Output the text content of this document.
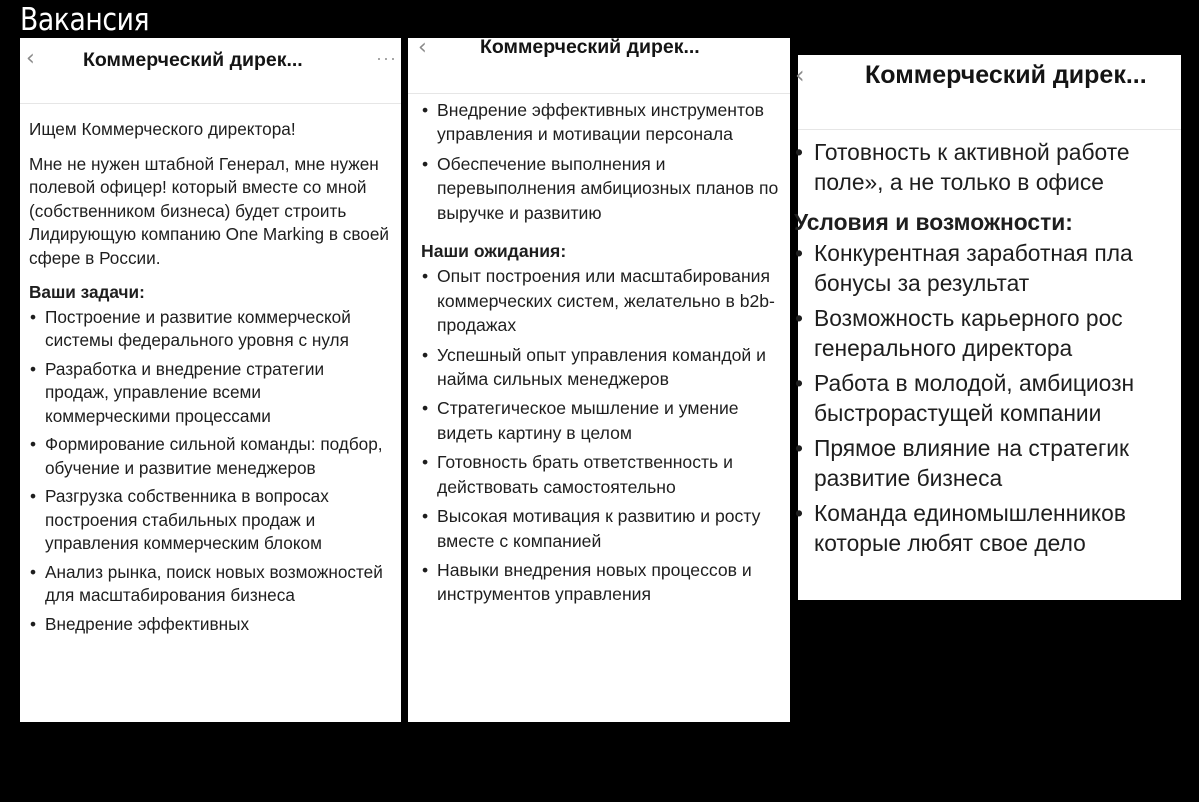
Вакансия
‹ Коммерческий дирек...	···

Ищем Коммерческого директора!

Мне не нужен штабной Генерал, мне нужен полевой офицер! который вместе со мной (собственником бизнеса) будет строить Лидирующую компанию One Marking в своей сфере в России.

Ваши задачи:
• Построение и развитие коммерческой системы федерального уровня с нуля
• Разработка и внедрение стратегии продаж, управление всеми коммерческими процессами
• Формирование сильной команды: подбор, обучение и развитие менеджеров
• Разгрузка собственника в вопросах построения стабильных продаж и управления коммерческим блоком
• Анализ рынка, поиск новых возможностей для масштабирования бизнеса
• Внедрение эффективных
‹	Коммерческий дирек...
• Внедрение эффективных инструментов управления и мотивации персонала
• Обеспечение выполнения и перевыполнения амбициозных планов по выручке и развитию
Наши ожидания:
• Опыт построения или масштабирования коммерческих систем, желательно в b2b-продажах
• Успешный опыт управления командой и найма сильных менеджеров
• Стратегическое мышление и умение видеть картину в целом
• Готовность брать ответственность и действовать самостоятельно
• Высокая мотивация к развитию и росту вместе с компанией
• Навыки внедрения новых процессов и инструментов управления
‹ Коммерческий дирек...
• Готовность к активной работе
поле», а не только в офисе
Условия и возможности:
• Конкурентная заработная пла
бонусы за результат
• Возможность карьерного рос
генерального директора
• Работа в молодой, амбициозн
быстрорастущей компании
• Прямое влияние на стратегик
развитие бизнеса
• Команда единомышленников
которые любят свое дело
